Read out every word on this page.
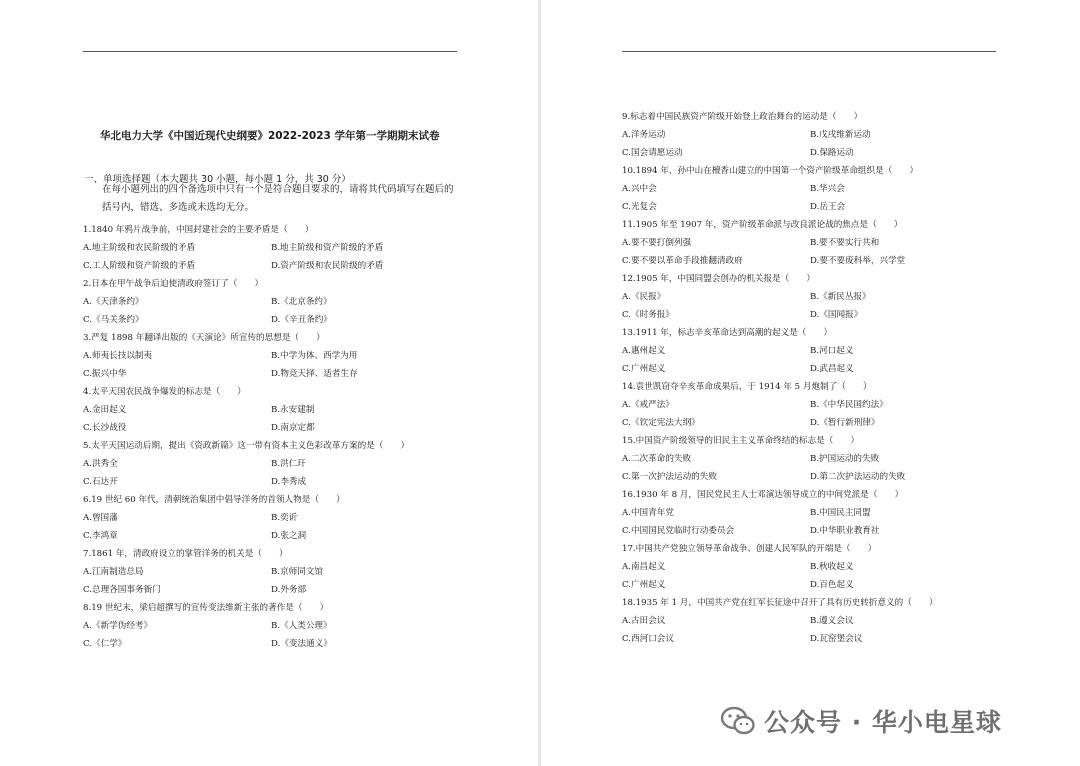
华北电力大学《中国近现代史纲要》2022-2023 学年第一学期期末试卷
一、单项选择题（本大题共 30 小题，每小题 1 分，共 30 分）
在每小题列出的四个备选项中只有一个是符合题目要求的，请将其代码填写在题后的
括号内，错选、多选或未选均无分。
1.1840 年鸦片战争前，中国封建社会的主要矛盾是（　　）
A.地主阶级和农民阶级的矛盾	B.地主阶级和资产阶级的矛盾
C.工人阶级和资产阶级的矛盾	D.资产阶级和农民阶级的矛盾
2.日本在甲午战争后迫使清政府签订了（　　）
A.《天津条约》	B.《北京条约》
C.《马关条约》	D.《辛丑条约》
3.严复 1898 年翻译出版的《天演论》所宣传的思想是（　　）
A.师夷长技以制夷	B.中学为体、西学为用
C.振兴中华	D.物竞天择、适者生存
4.太平天国农民战争爆发的标志是（　　）
A.金田起义	B.永安建制
C.长沙战役	D.南京定都
5.太平天国运动后期，提出《资政新篇》这一带有资本主义色彩改革方案的是（　　）
A.洪秀全	B.洪仁玕
C.石达开	D.李秀成
6.19 世纪 60 年代，清朝统治集团中倡导洋务的首领人物是（　　）
A.曾国藩	B.奕䜣
C.李鸿章	D.张之洞
7.1861 年，清政府设立的掌管洋务的机关是（　　）
A.江南制造总局	B.京师同文馆
C.总理各国事务衙门	D.外务部
8.19 世纪末，梁启超撰写的宣传变法维新主张的著作是（　　）
A.《新学伪经考》	B.《人类公理》
C.《仁学》	D.《变法通义》
9.标志着中国民族资产阶级开始登上政治舞台的运动是（　　）
A.洋务运动	B.戊戌维新运动
C.国会请愿运动	D.保路运动
10.1894 年，孙中山在檀香山建立的中国第一个资产阶级革命组织是（　　）
A.兴中会	B.华兴会
C.光复会	D.岳王会
11.1905 年至 1907 年，资产阶级革命派与改良派论战的焦点是（　　）
A.要不要打倒列强	B.要不要实行共和
C.要不要以革命手段推翻清政府	D.要不要废科举，兴学堂
12.1905 年，中国同盟会创办的机关报是（　　）
A.《民报》	B.《新民丛报》
C.《时务报》	D.《国闻报》
13.1911 年，标志辛亥革命达到高潮的起义是（　　）
A.惠州起义	B.河口起义
C.广州起义	D.武昌起义
14.袁世凯窃夺辛亥革命成果后，于 1914 年 5 月炮制了（　　）
A.《戒严法》	B.《中华民国约法》
C.《钦定宪法大纲》	D.《暂行新刑律》
15.中国资产阶级领导的旧民主主义革命终结的标志是（　　）
A.二次革命的失败	B.护国运动的失败
C.第一次护法运动的失败	D.第二次护法运动的失败
16.1930 年 8 月，国民党民主人士邓演达领导成立的中间党派是（　　）
A.中国青年党	B.中国民主同盟
C.中国国民党临时行动委员会	D.中华职业教育社
17.中国共产党独立领导革命战争、创建人民军队的开端是（　　）
A.南昌起义	B.秋收起义
C.广州起义	D.百色起义
18.1935 年 1 月，中国共产党在红军长征途中召开了具有历史转折意义的（　　）
A.古田会议	B.遵义会议
C.西河口会议	D.瓦窑堡会议
公众号 · 华小电星球
